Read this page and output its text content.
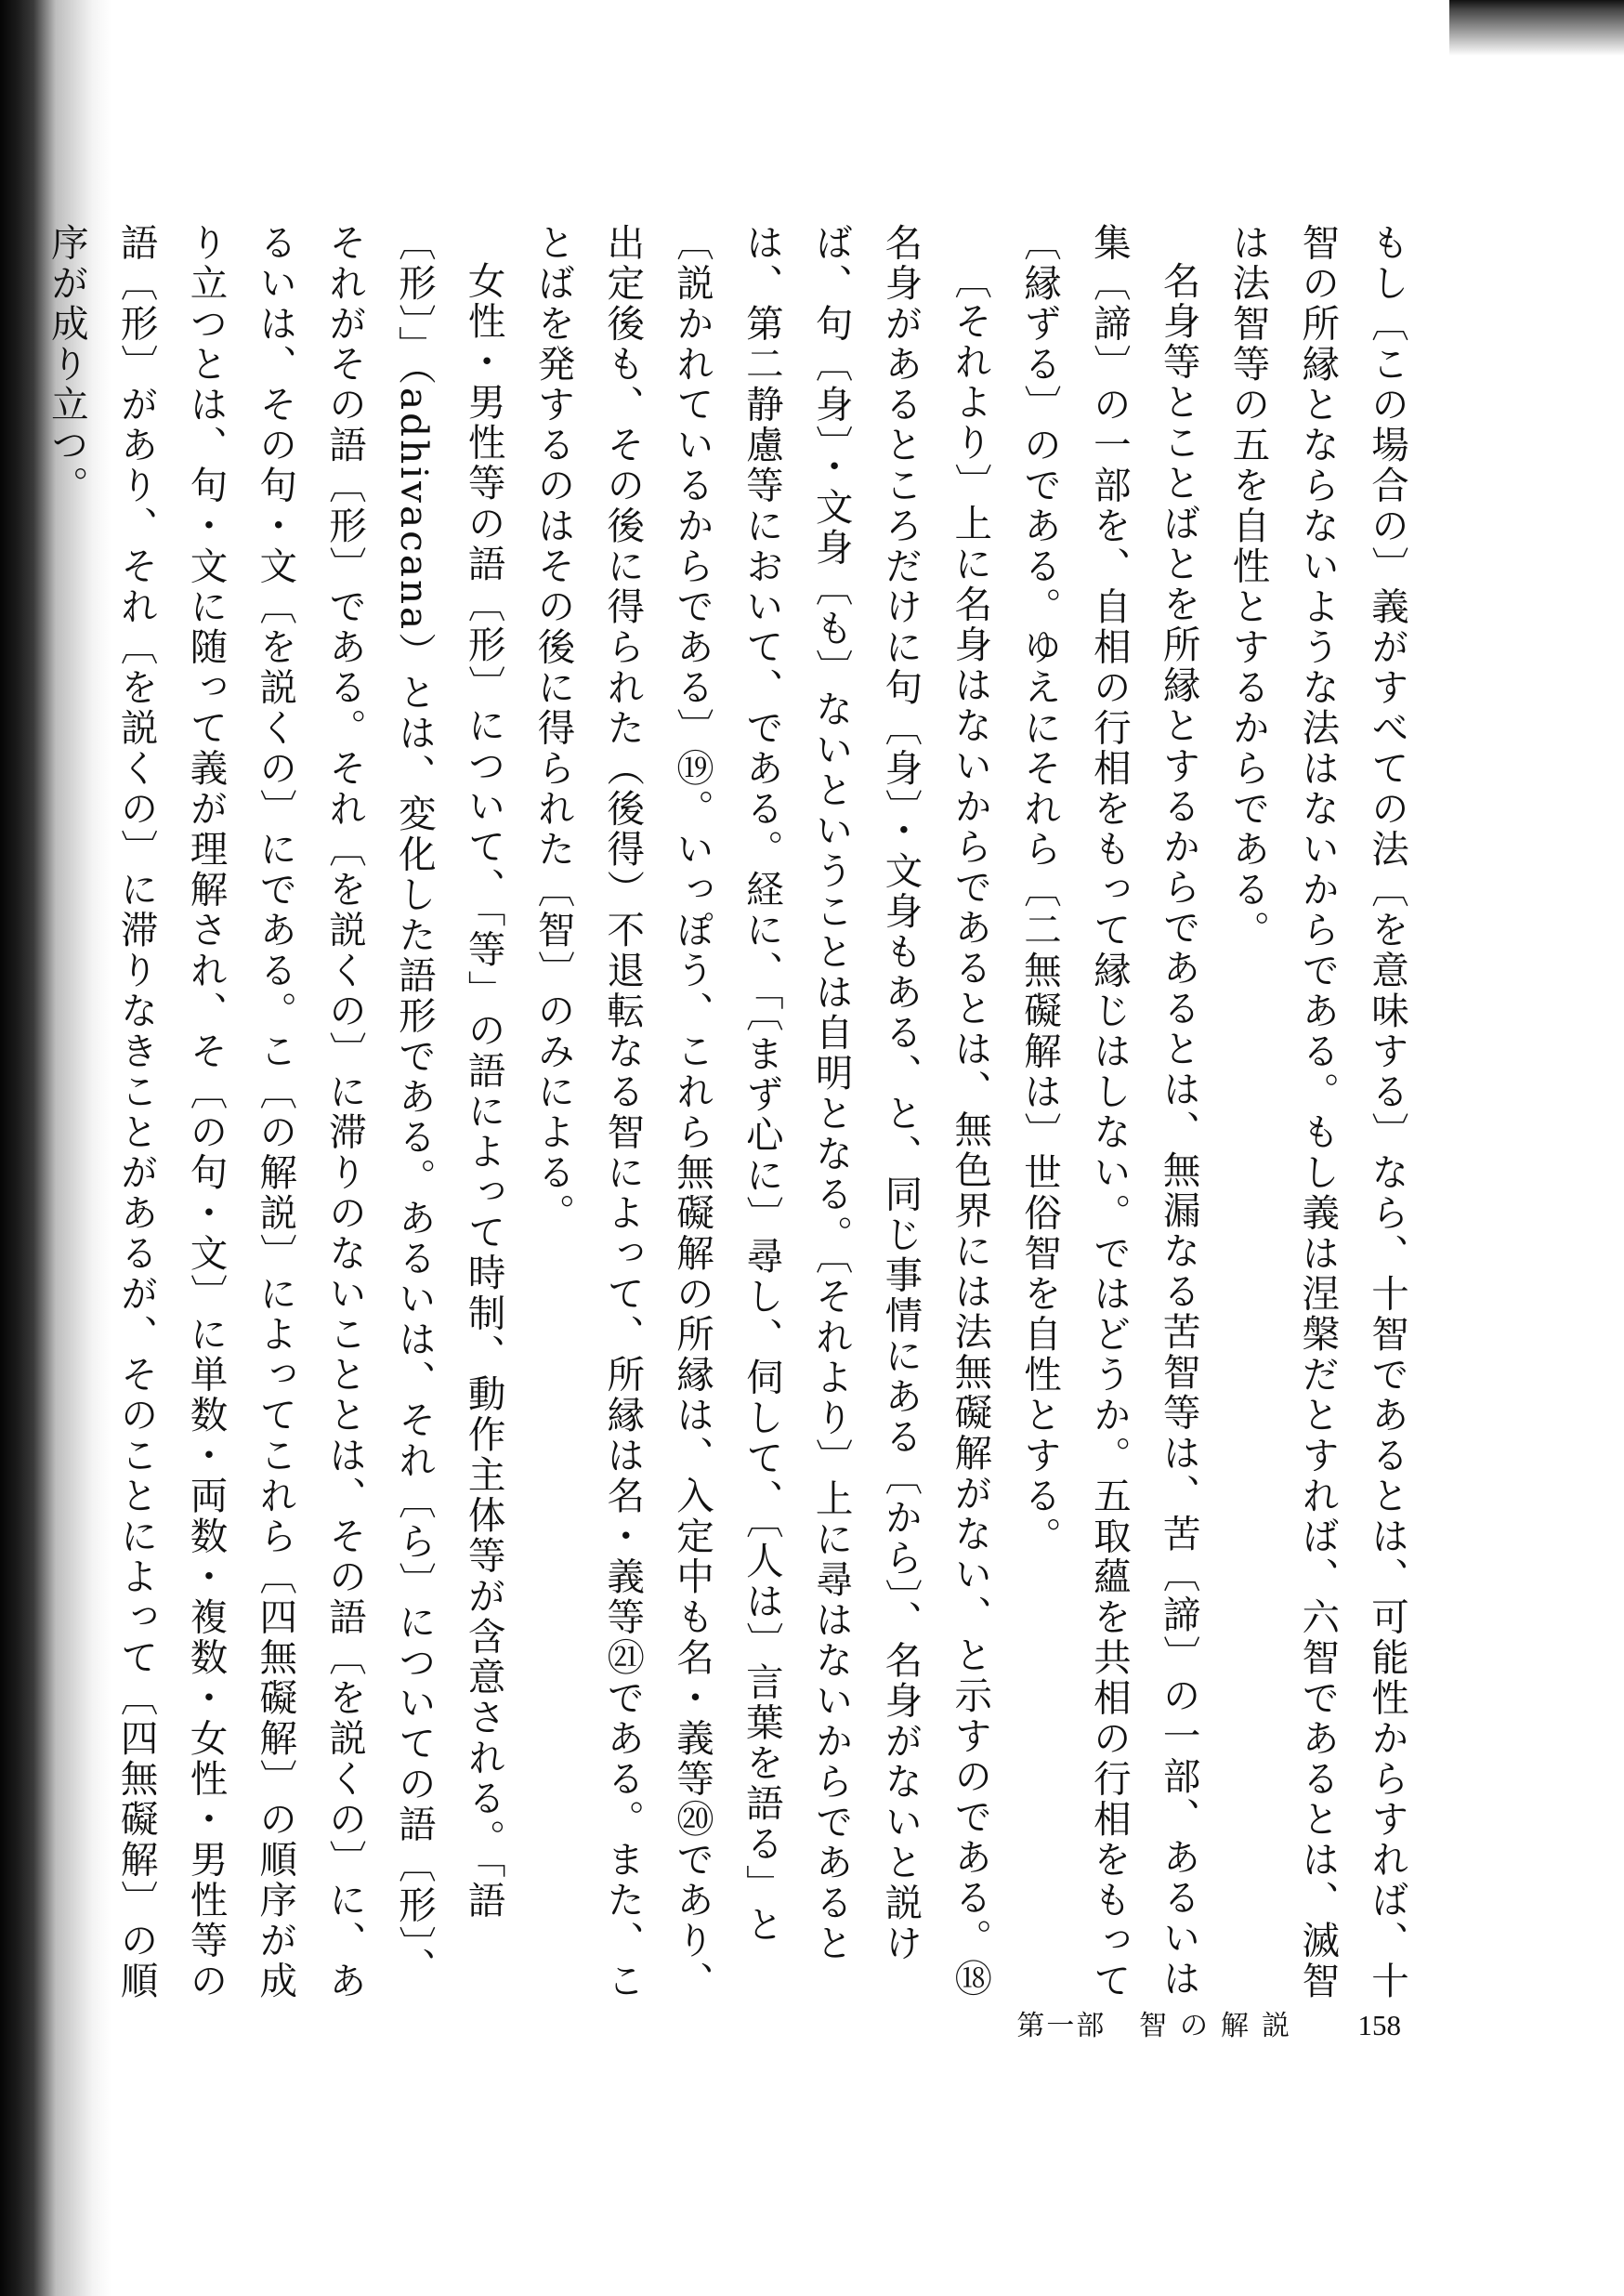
もし〔この場合の〕義がすべての法〔を意味する〕なら、十智であるとは、可能性からすれば、十智の所縁とならないような法はないからである。もし義は涅槃だとすれば、六智であるとは、滅智は法智等の五を自性とするからである。

名身等とことばとを所縁とするからであるとは、無漏なる苦智等は、苦〔諦〕の一部、あるいは集〔諦〕の一部を、自相の行相をもって縁じはしない。ではどうか。五取蘊を共相の行相をもって〔縁ずる〕のである。ゆえにそれら〔二無礙解は〕世俗智を自性とする。

〔それより〕上に名身はないからであるとは、無色界には法無礙解がない、と示すのである。⑱名身があるところだけに句〔身〕・文身もある、と、同じ事情にある〔から〕、名身がないと説けば、句〔身〕・文身〔も〕ないということは自明となる。〔それより〕上に尋はないからであるとは、第二静慮等において、である。経に、「〔まず心に〕尋し、伺して、〔人は〕言葉を語る」と〔説かれているからである〕⑲。いっぽう、これら無礙解の所縁は、入定中も名・義等⑳であり、出定後も、その後に得られた（後得）不退転なる智によって、所縁は名・義等㉑である。また、ことばを発するのはその後に得られた〔智〕のみによる。

女性・男性等の語〔形〕について、「等」の語によって時制、動作主体等が含意される。「語〔形〕」（adhivacana）とは、変化した語形である。あるいは、それ〔ら〕についての語〔形〕、それがその語〔形〕である。それ〔を説くの〕に滞りのないこととは、その語〔を説くの〕に、あるいは、その句・文〔を説くの〕にである。こ〔の解説〕によってこれら〔四無礙解〕の順序が成り立つとは、句・文に随って義が理解され、そ〔の句・文〕に単数・両数・複数・女性・男性等の語〔形〕があり、それ〔を説くの〕に滞りなきことがあるが、そのことによって〔四無礙解〕の順序が成り立つ。

第一部 智の解説 158
